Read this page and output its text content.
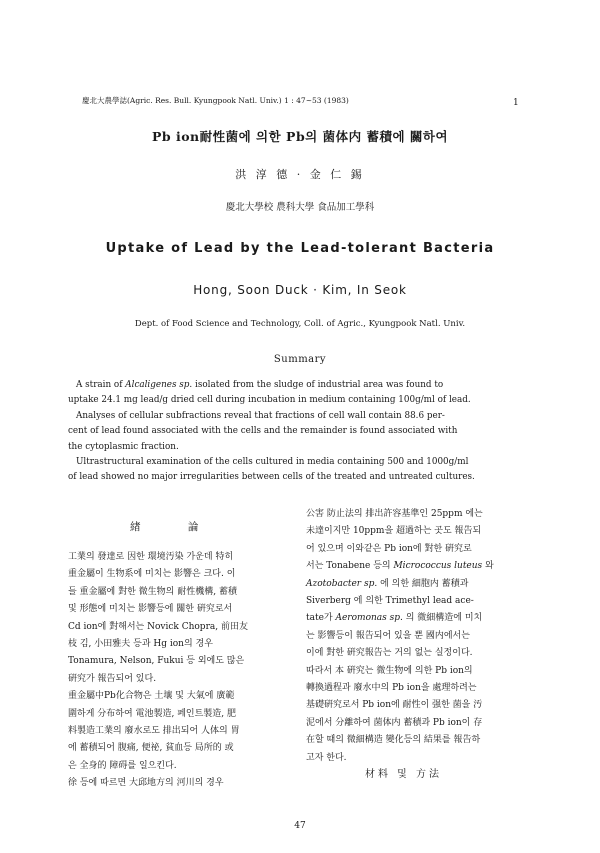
慶北大農學誌(Agric. Res. Bull. Kyungpook Natl. Univ.) 1 : 47~53 (1983)	1
Pb ion耐性菌에 의한 Pb의 菌体内 蓄積에 關하여
洪 淳 德 · 金 仁 錫
慶北大學校 農科大學 食品加工學科
Uptake of Lead by the Lead-tolerant Bacteria
Hong, Soon Duck · Kim, In Seok
Dept. of Food Science and Technology, Coll. of Agric., Kyungpook Natl. Univ.
Summary
A strain of Alcaligenes sp. isolated from the sludge of industrial area was found to
uptake 24.1 mg lead/g dried cell during incubation in medium containing 100g/ml of lead.
Analyses of cellular subfractions reveal that fractions of cell wall contain 88.6 per-
cent of lead found associated with the cells and the remainder is found associated with
the cytoplasmic fraction.
Ultrastructural examination of the cells cultured in media containing 500 and 1000g/ml
of lead showed no major irregularities between cells of the treated and untreated cultures.
緖 論
工業의 發達로 因한 環境汚染 가운데 特히
重金屬이 生物系에 미치는 影響은 크다. 이
들 重金屬에 對한 微生物의 耐性機構, 蓄積
및 形態에 미치는 影響등에 關한 硏究로서
Cd ion에 對해서는 Novick Chopra, 前田友
枝 김, 小田雅夫 등과 Hg ion의 경우
Tonamura, Nelson, Fukui 등 외에도 많은
硏究가 報告되어 있다.
重金屬中Pb化合物은 土壤 및 大氣에 廣範
圍하게 分布하여 電池製造, 페인트製造, 肥
料製造工業의 廢水로도 排出되어 人体의 胃
에 蓄積되어 腹痛, 便祕, 貧血등 局所的 或
은 全身的 障碍를 일으킨다.
徐 등에 따르면 大邱地方의 河川의 경우
公害 防止法의 排出許容基準인 25ppm 에는
未達이지만 10ppm을 超過하는 곳도 報告되
어 있으며 이와같은 Pb ion에 對한 硏究로
서는 Tonabene 등의 Micrococcus luteus 와
Azotobacter sp. 에 의한 細胞内 蓄積과
Siverberg 에 의한 Trimethyl lead ace-
tate가 Aeromonas sp. 의 微細構造에 미치
는 影響등이 報告되어 있을 뿐 國内에서는
이에 對한 硏究報告는 거의 없는 실정이다.
따라서 本 硏究는 微生物에 의한 Pb ion의
轉換過程과 廢水中의 Pb ion을 處理하려는
基礎硏究로서 Pb ion에 耐性이 强한 菌을 汚
泥에서 分離하여 菌体内 蓄積과 Pb ion이 存
在할 때의 微細構造 變化등의 結果를 報告하
고자 한다.
材料 및 方法
47
